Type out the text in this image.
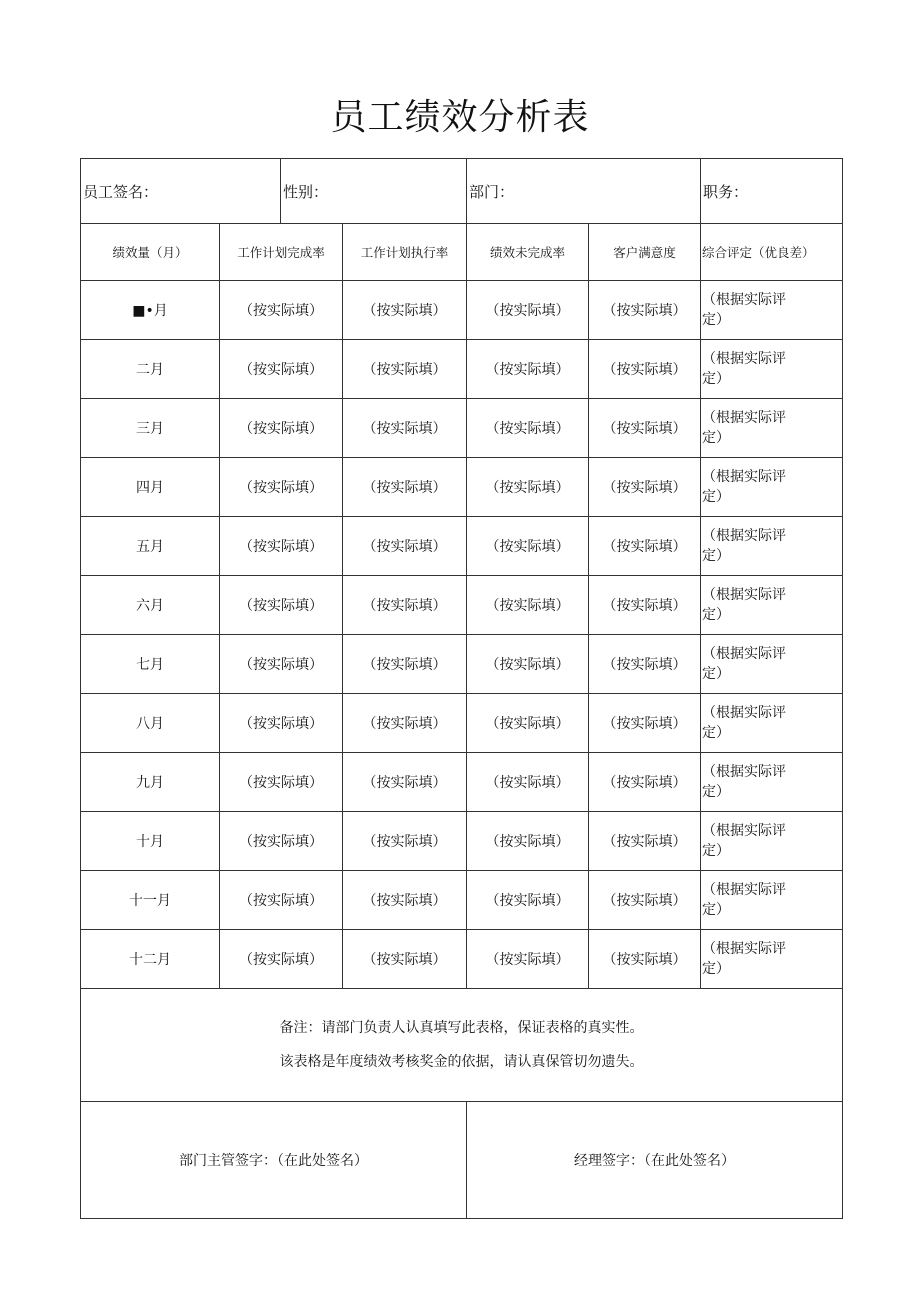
员工绩效分析表
员工签名：		性别：		部门：		职务：
绩效量（月）	工作计划完成率		工作计划执行率	绩效未完成率	客户满意度	综合评定（优良差）
■•月	（按实际填）		（按实际填）	（按实际填）	（按实际填）	（根据实际评
定）

二月	（按实际填）		（按实际填）	（按实际填）	（按实际填）	（根据实际评
定）

三月	（按实际填）		（按实际填）	（按实际填）	（按实际填）	（根据实际评
定）

四月	（按实际填）		（按实际填）	（按实际填）	（按实际填）	（根据实际评
定）

五月	（按实际填）		（按实际填）	（按实际填）	（按实际填）	（根据实际评
定）

六月	（按实际填）		（按实际填）	（按实际填）	（按实际填）	（根据实际评
定）

七月	（按实际填）		（按实际填）	（按实际填）	（按实际填）	（根据实际评
定）

八月	（按实际填）		（按实际填）	（按实际填）	（按实际填）	（根据实际评
定）

九月	（按实际填）		（按实际填）	（按实际填）	（按实际填）	（根据实际评
定）

十月	（按实际填）		（按实际填）	（按实际填）	（按实际填）	（根据实际评
定）

十一月	（按实际填）		（按实际填）	（按实际填）	（按实际填）	（根据实际评
定）

十二月	（按实际填）		（按实际填）	（按实际填）	（按实际填）	（根据实际评
定）

备注：请部门负责人认真填写此表格，保证表格的真实性。
该表格是年度绩效考核奖金的依据，请认真保管切勿遗失。						

部门主管签字：（在此处签名）				经理签字：（在此处签名）		
